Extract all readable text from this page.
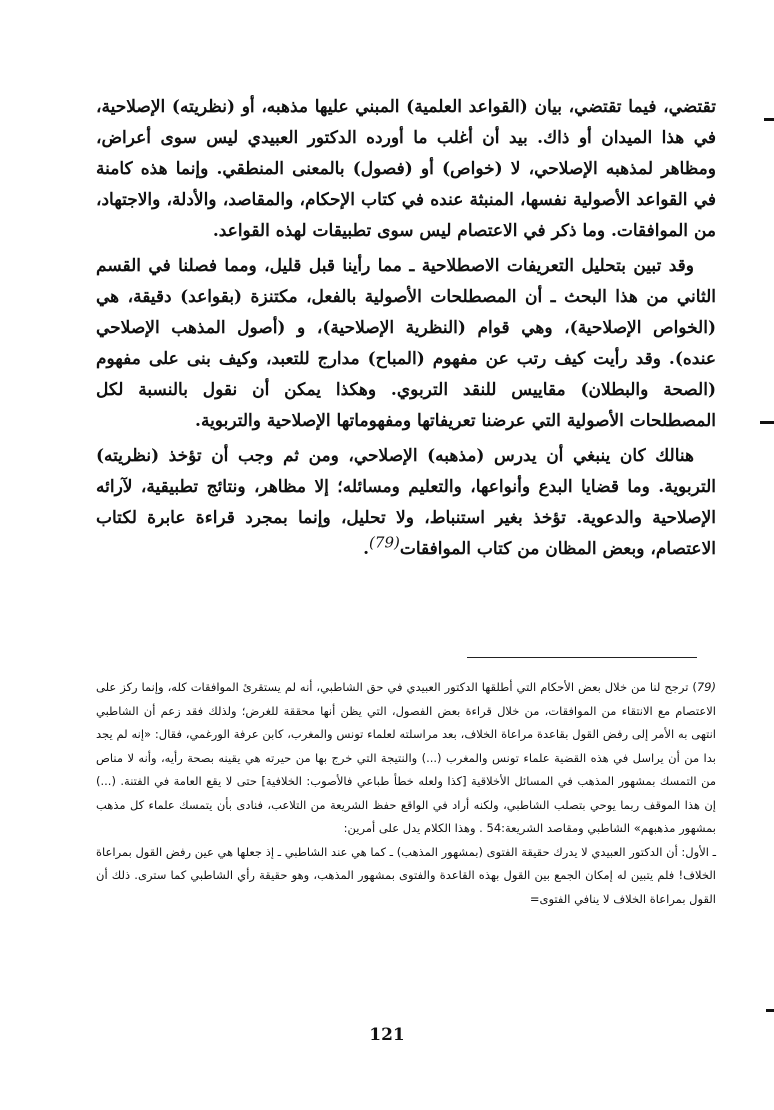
تقتضي، فيما تقتضي، بيان (القواعد العلمية) المبني عليها مذهبه، أو (نظريته) الإصلاحية، في هذا الميدان أو ذاك. بيد أن أغلب ما أورده الدكتور العبيدي ليس سوى أعراض، ومظاهر لمذهبه الإصلاحي، لا (خواص) أو (فصول) بالمعنى المنطقي. وإنما هذه كامنة في القواعد الأصولية نفسها، المنبثة عنده في كتاب الإحكام، والمقاصد، والأدلة، والاجتهاد، من الموافقات. وما ذكر في الاعتصام ليس سوى تطبيقات لهذه القواعد.

وقد تبين بتحليل التعريفات الاصطلاحية ـ مما رأينا قبل قليل، ومما فصلنا في القسم الثاني من هذا البحث ـ أن المصطلحات الأصولية بالفعل، مكتنزة (بقواعد) دقيقة، هي (الخواص الإصلاحية)، وهي قوام (النظرية الإصلاحية)، و (أصول المذهب الإصلاحي عنده). وقد رأيت كيف رتب عن مفهوم (المباح) مدارج للتعبد، وكيف بنى على مفهوم (الصحة والبطلان) مقاييس للنقد التربوي. وهكذا يمكن أن نقول بالنسبة لكل المصطلحات الأصولية التي عرضنا تعريفاتها ومفهوماتها الإصلاحية والتربوية.

هنالك كان ينبغي أن يدرس (مذهبه) الإصلاحي، ومن ثم وجب أن تؤخذ (نظريته) التربوية. وما قضايا البدع وأنواعها، والتعليم ومسائله؛ إلا مظاهر، ونتائج تطبيقية، لآرائه الإصلاحية والدعوية. تؤخذ بغير استنباط، ولا تحليل، وإنما بمجرد قراءة عابرة لكتاب الاعتصام، وبعض المظان من كتاب الموافقات(79).

(79) ترجح لنا من خلال بعض الأحكام التي أطلقها الدكتور العبيدي في حق الشاطبي، أنه لم يستقرئ الموافقات كله، وإنما ركز على الاعتصام مع الانتقاء من الموافقات، من خلال قراءة بعض الفصول، التي يظن أنها محققة للغرض؛ ولذلك فقد زعم أن الشاطبي انتهى به الأمر إلى رفض القول بقاعدة مراعاة الخلاف، بعد مراسلته لعلماء تونس والمغرب، كابن عرفة الورغمي، فقال: «إنه لم يجد بدا من أن يراسل في هذه القضية علماء تونس والمغرب (...) والنتيجة التي خرج بها من حيرته هي يقينه بصحة رأيه، وأنه لا مناص من التمسك بمشهور المذهب في المسائل الأخلاقية [كذا ولعله خطأ طباعي فالأصوب: الخلافية] حتى لا يقع العامة في الفتنة. (...) إن هذا الموقف ربما يوحي بتصلب الشاطبي، ولكنه أراد في الواقع حفظ الشريعة من التلاعب، فنادى بأن يتمسك علماء كل مذهب بمشهور مذهبهم» الشاطبي ومقاصد الشريعة:54 . وهذا الكلام يدل على أمرين:

ـ الأول: أن الدكتور العبيدي لا يدرك حقيقة الفتوى (بمشهور المذهب) ـ كما هي عند الشاطبي ـ إذ جعلها هي عين رفض القول بمراعاة الخلاف! فلم يتبين له إمكان الجمع بين القول بهذه القاعدة والفتوى بمشهور المذهب، وهو حقيقة رأي الشاطبي كما سترى. ذلك أن القول بمراعاة الخلاف لا ينافي الفتوى=

121
